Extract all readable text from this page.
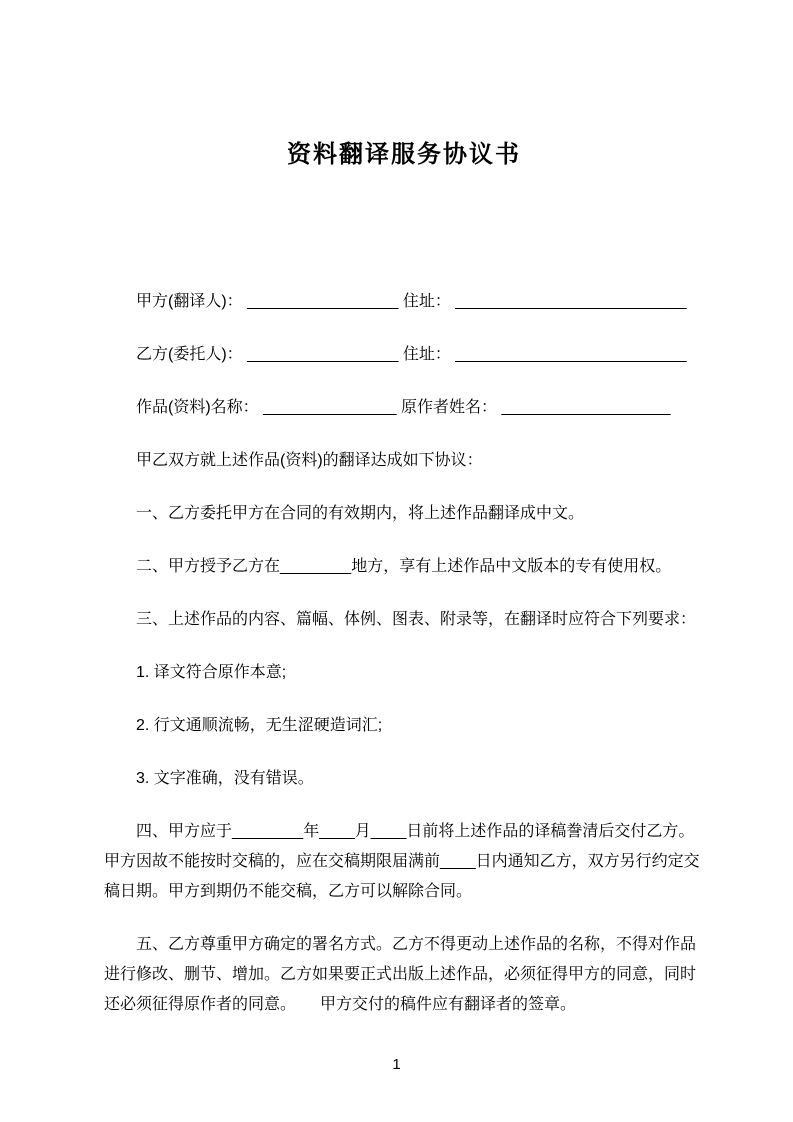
资料翻译服务协议书

甲方(翻译人)： _________________ 住址： __________________________

乙方(委托人)： _________________ 住址： __________________________

作品(资料)名称： _______________ 原作者姓名： ___________________

甲乙双方就上述作品(资料)的翻译达成如下协议：

一、乙方委托甲方在合同的有效期内，将上述作品翻译成中文。

二、甲方授予乙方在________地方，享有上述作品中文版本的专有使用权。

三、上述作品的内容、篇幅、体例、图表、附录等，在翻译时应符合下列要求：

1. 译文符合原作本意;

2. 行文通顺流畅，无生涩硬造词汇;

3. 文字准确，没有错误。

四、甲方应于________年____月____日前将上述作品的译稿誊清后交付乙方。甲方因故不能按时交稿的，应在交稿期限届满前____日内通知乙方，双方另行约定交稿日期。甲方到期仍不能交稿，乙方可以解除合同。

五、乙方尊重甲方确定的署名方式。乙方不得更动上述作品的名称，不得对作品进行修改、删节、增加。乙方如果要正式出版上述作品，必须征得甲方的同意，同时还必须征得原作者的同意。　　甲方交付的稿件应有翻译者的签章。

1
